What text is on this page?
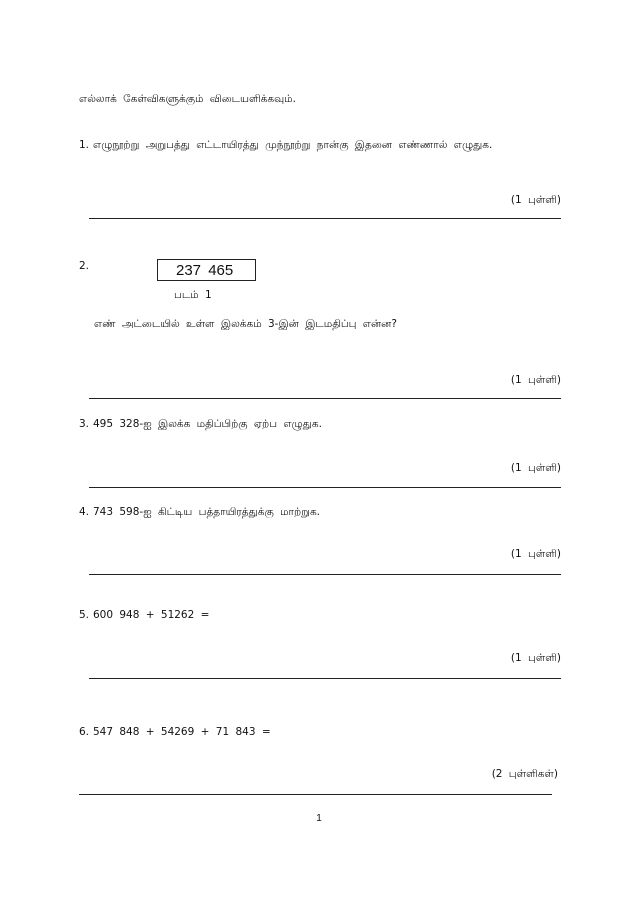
எல்லாக் கேள்விகளுக்கும் விடையளிக்கவும்.
1. எழுநூற்று அறுபத்து எட்டாயிரத்து முந்நூற்று நான்கு இதனை எண்ணால் எழுதுக.
(1 புள்ளி)
2.	237 465
படம் 1
எண் அட்டையில் உள்ள இலக்கம் 3-இன் இடமதிப்பு என்ன?
(1 புள்ளி)
3. 495 328-ஐ இலக்க மதிப்பிற்கு ஏற்ப எழுதுக.
(1 புள்ளி)
4. 743 598-ஐ கிட்டிய பத்தாயிரத்துக்கு மாற்றுக.
(1 புள்ளி)
5. 600 948 + 51262 =
(1 புள்ளி)
6. 547 848 + 54269 + 71 843 =
(2 புள்ளிகள்)
1
